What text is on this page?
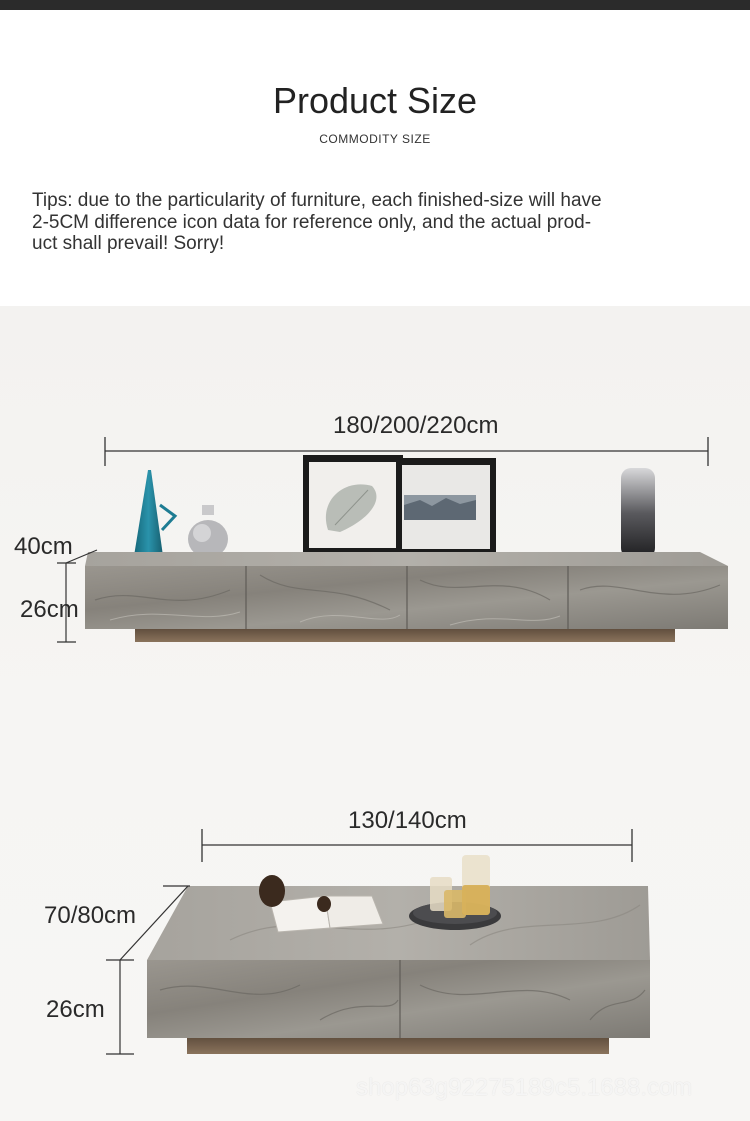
Product Size
COMMODITY SIZE
Tips: due to the particularity of furniture, each finished-size will have
2-5CM difference icon data for reference only, and the actual prod-
uct shall prevail! Sorry!
180/200/220cm
40cm
26cm
130/140cm
70/80cm
26cm
shop63g92275189c5.1688.com
